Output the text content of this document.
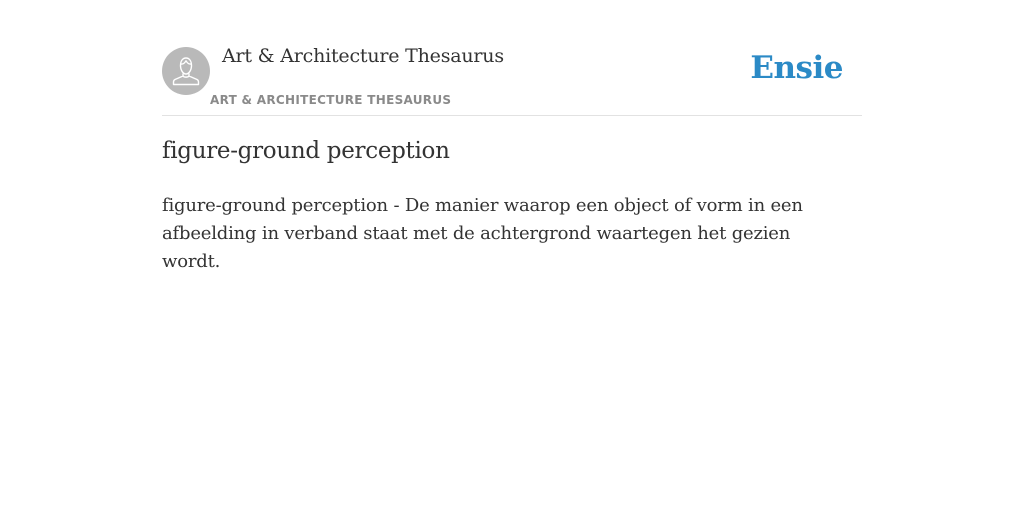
Art & Architecture Thesaurus
ART & ARCHITECTURE THESAURUS
Ensie
figure-ground perception

figure-ground perception - De manier waarop een object of vorm in een afbeelding in verband staat met de achtergrond waartegen het gezien wordt.
